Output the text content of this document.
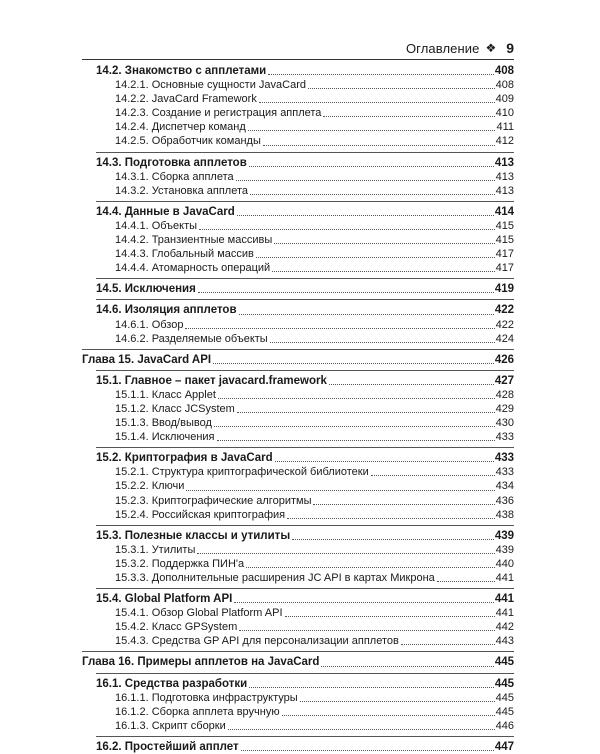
Оглавление ❖ 9
14.2. Знакомство с апплетами	408
14.2.1. Основные сущности JavaCard	408
14.2.2. JavaCard Framework	409
14.2.3. Создание и регистрация апплета	410
14.2.4. Диспетчер команд	411
14.2.5. Обработчик команды	412
14.3. Подготовка апплетов	413
14.3.1. Сборка апплета	413
14.3.2. Установка апплета	413
14.4. Данные в JavaCard	414
14.4.1. Объекты	415
14.4.2. Транзиентные массивы	415
14.4.3. Глобальный массив	417
14.4.4. Атомарность операций	417
14.5. Исключения	419
14.6. Изоляция апплетов	422
14.6.1. Обзор	422
14.6.2. Разделяемые объекты	424
Глава 15. JavaCard API	426
15.1. Главное – пакет javacard.framework	427
15.1.1. Класс Applet	428
15.1.2. Класс JCSystem	429
15.1.3. Ввод/вывод	430
15.1.4. Исключения	433
15.2. Криптография в JavaCard	433
15.2.1. Структура криптографической библиотеки	433
15.2.2. Ключи	434
15.2.3. Криптографические алгоритмы	436
15.2.4. Российская криптография	438
15.3. Полезные классы и утилиты	439
15.3.1. Утилиты	439
15.3.2. Поддержка ПИН'а	440
15.3.3. Дополнительные расширения JC API в картах Микрона	441
15.4. Global Platform API	441
15.4.1. Обзор Global Platform API	441
15.4.2. Класс GPSystem	442
15.4.3. Средства GP API для персонализации апплетов	443
Глава 16. Примеры апплетов на JavaCard	445
16.1. Средства разработки	445
16.1.1. Подготовка инфраструктуры	445
16.1.2. Сборка апплета вручную	445
16.1.3. Скрипт сборки	446
16.2. Простейший апплет	447
